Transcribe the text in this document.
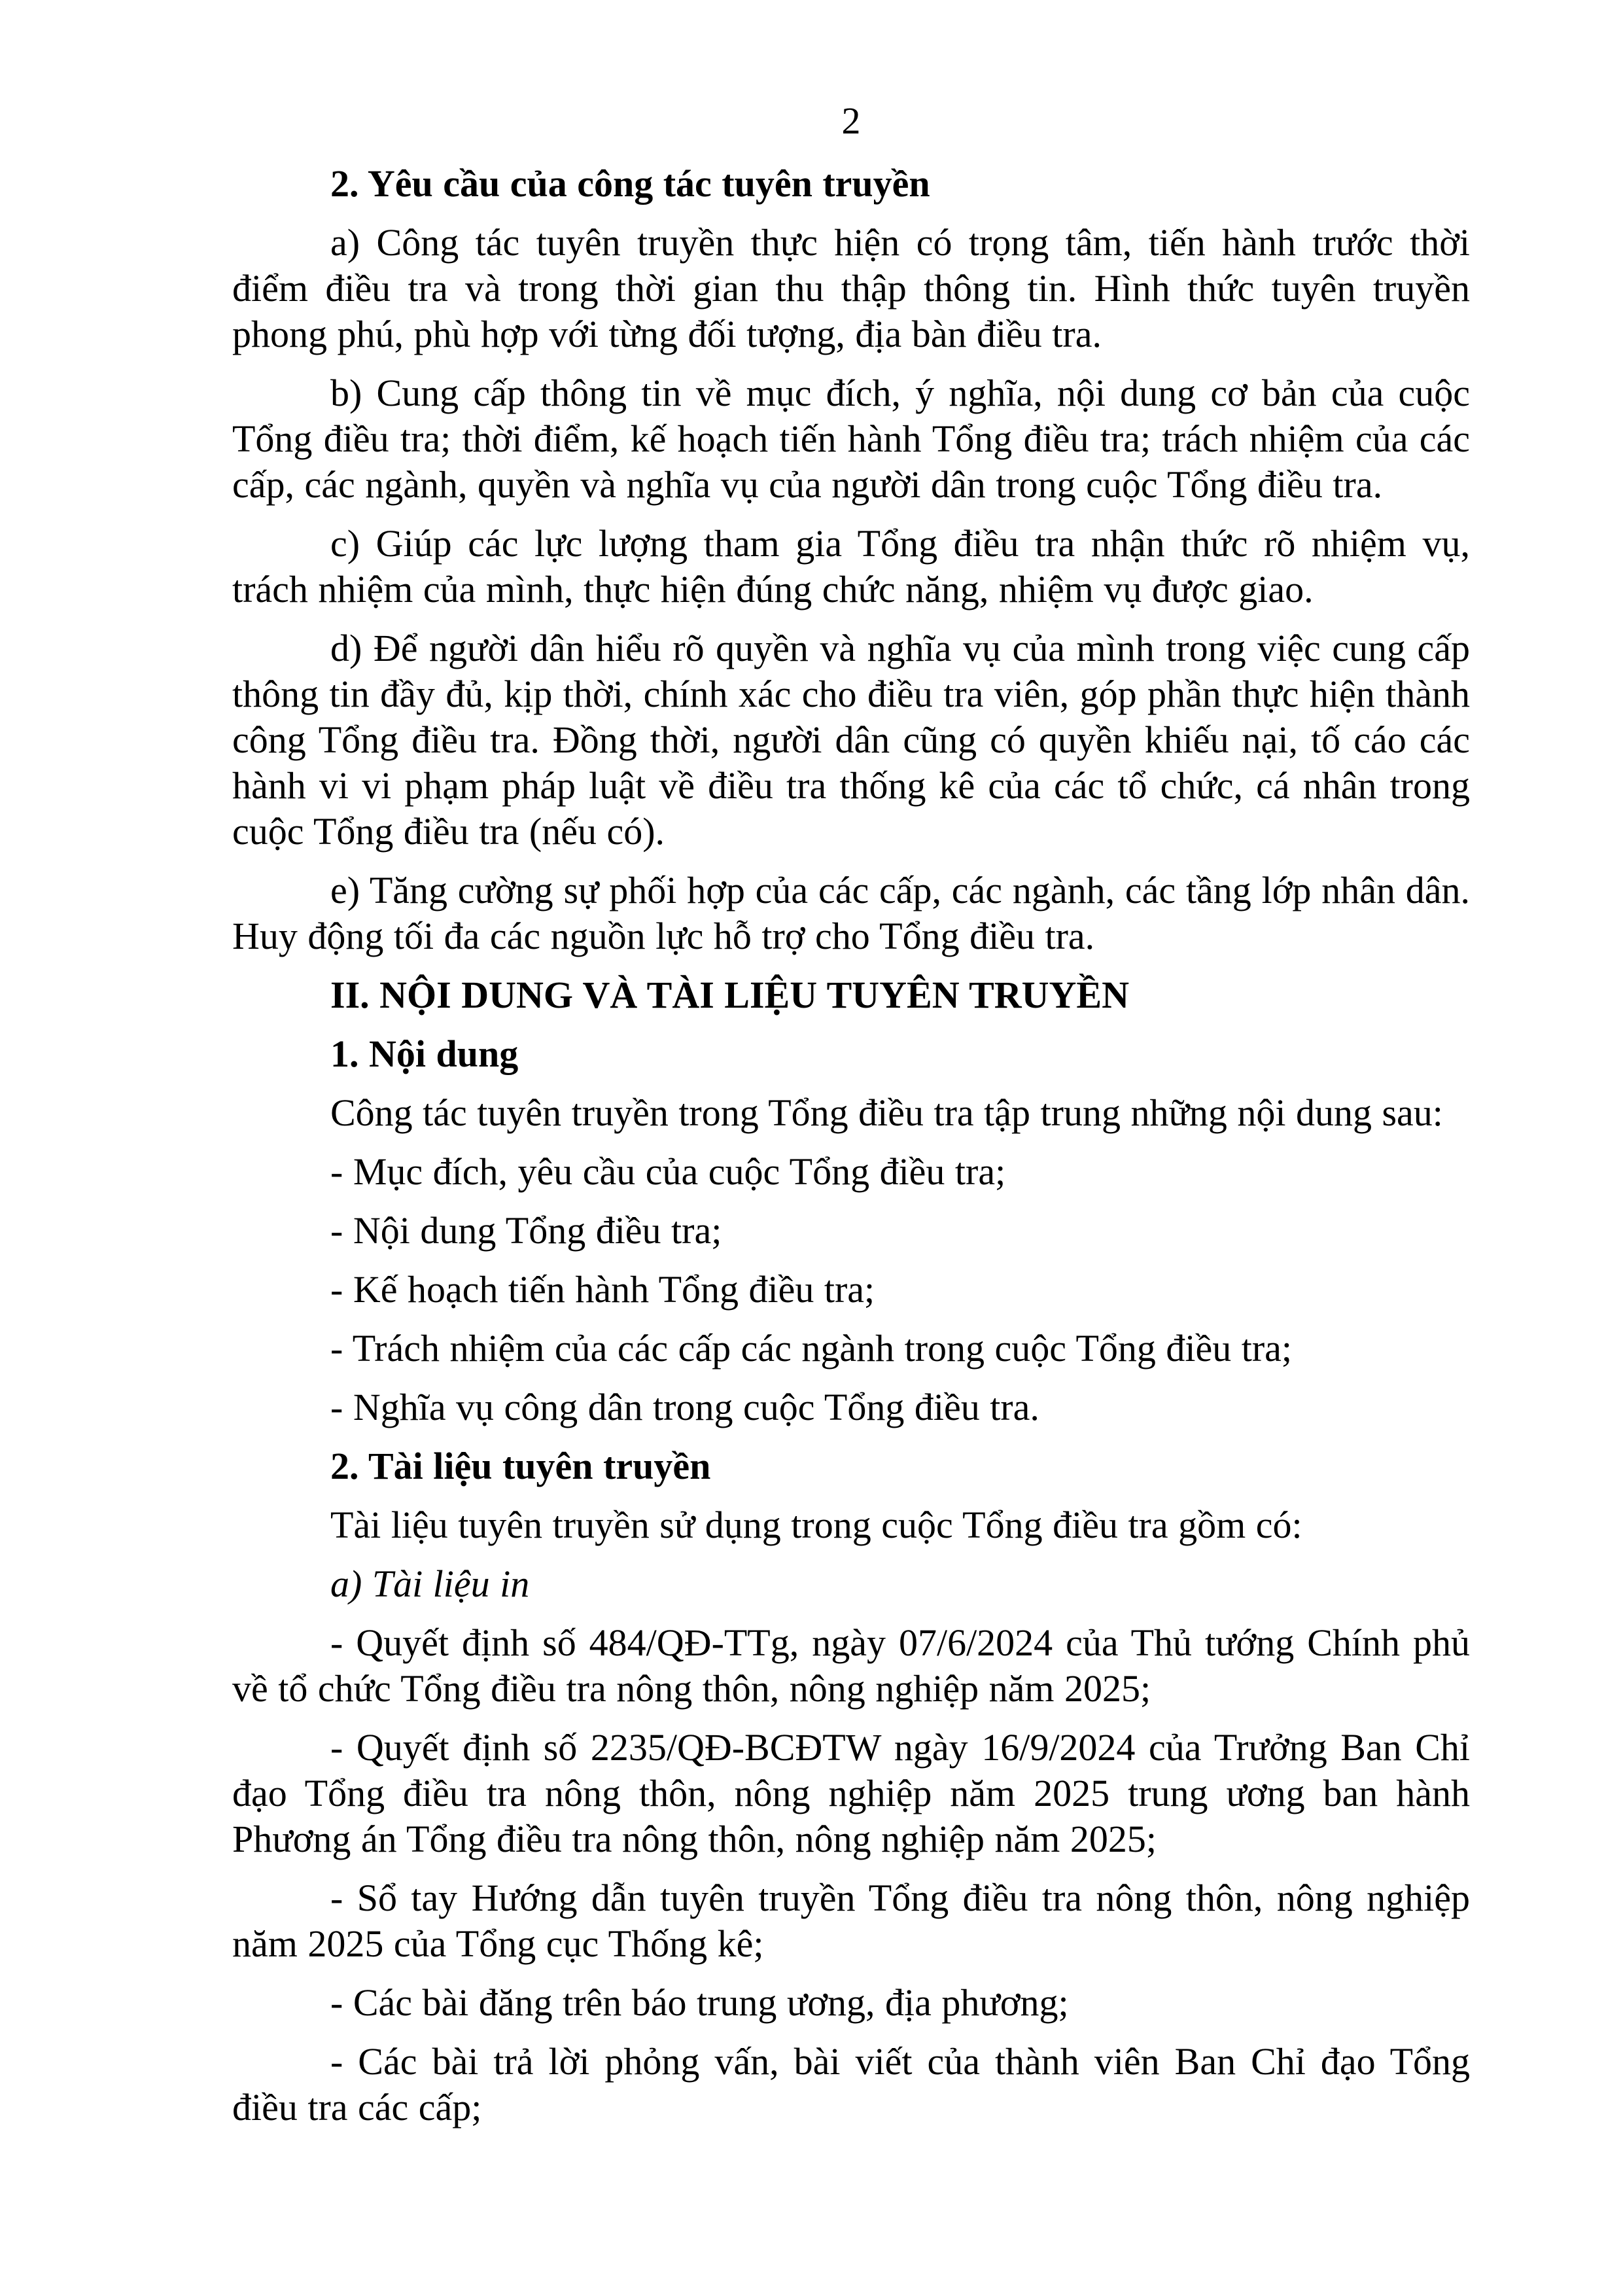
2

2. Yêu cầu của công tác tuyên truyền

a) Công tác tuyên truyền thực hiện có trọng tâm, tiến hành trước thời điểm điều tra và trong thời gian thu thập thông tin. Hình thức tuyên truyền phong phú, phù hợp với từng đối tượng, địa bàn điều tra.

b) Cung cấp thông tin về mục đích, ý nghĩa, nội dung cơ bản của cuộc Tổng điều tra; thời điểm, kế hoạch tiến hành Tổng điều tra; trách nhiệm của các cấp, các ngành, quyền và nghĩa vụ của người dân trong cuộc Tổng điều tra.

c) Giúp các lực lượng tham gia Tổng điều tra nhận thức rõ nhiệm vụ, trách nhiệm của mình, thực hiện đúng chức năng, nhiệm vụ được giao.

d) Để người dân hiểu rõ quyền và nghĩa vụ của mình trong việc cung cấp thông tin đầy đủ, kịp thời, chính xác cho điều tra viên, góp phần thực hiện thành công Tổng điều tra. Đồng thời, người dân cũng có quyền khiếu nại, tố cáo các hành vi vi phạm pháp luật về điều tra thống kê của các tổ chức, cá nhân trong cuộc Tổng điều tra (nếu có).

e) Tăng cường sự phối hợp của các cấp, các ngành, các tầng lớp nhân dân. Huy động tối đa các nguồn lực hỗ trợ cho Tổng điều tra.

II. NỘI DUNG VÀ TÀI LIỆU TUYÊN TRUYỀN

1. Nội dung

Công tác tuyên truyền trong Tổng điều tra tập trung những nội dung sau:

- Mục đích, yêu cầu của cuộc Tổng điều tra;

- Nội dung Tổng điều tra;

- Kế hoạch tiến hành Tổng điều tra;

- Trách nhiệm của các cấp các ngành trong cuộc Tổng điều tra;

- Nghĩa vụ công dân trong cuộc Tổng điều tra.

2. Tài liệu tuyên truyền

Tài liệu tuyên truyền sử dụng trong cuộc Tổng điều tra gồm có:

a) Tài liệu in

- Quyết định số 484/QĐ-TTg, ngày 07/6/2024 của Thủ tướng Chính phủ về tổ chức Tổng điều tra nông thôn, nông nghiệp năm 2025;

- Quyết định số 2235/QĐ-BCĐTW ngày 16/9/2024 của Trưởng Ban Chỉ đạo Tổng điều tra nông thôn, nông nghiệp năm 2025 trung ương ban hành Phương án Tổng điều tra nông thôn, nông nghiệp năm 2025;

- Sổ tay Hướng dẫn tuyên truyền Tổng điều tra nông thôn, nông nghiệp năm 2025 của Tổng cục Thống kê;

- Các bài đăng trên báo trung ương, địa phương;

- Các bài trả lời phỏng vấn, bài viết của thành viên Ban Chỉ đạo Tổng điều tra các cấp;
